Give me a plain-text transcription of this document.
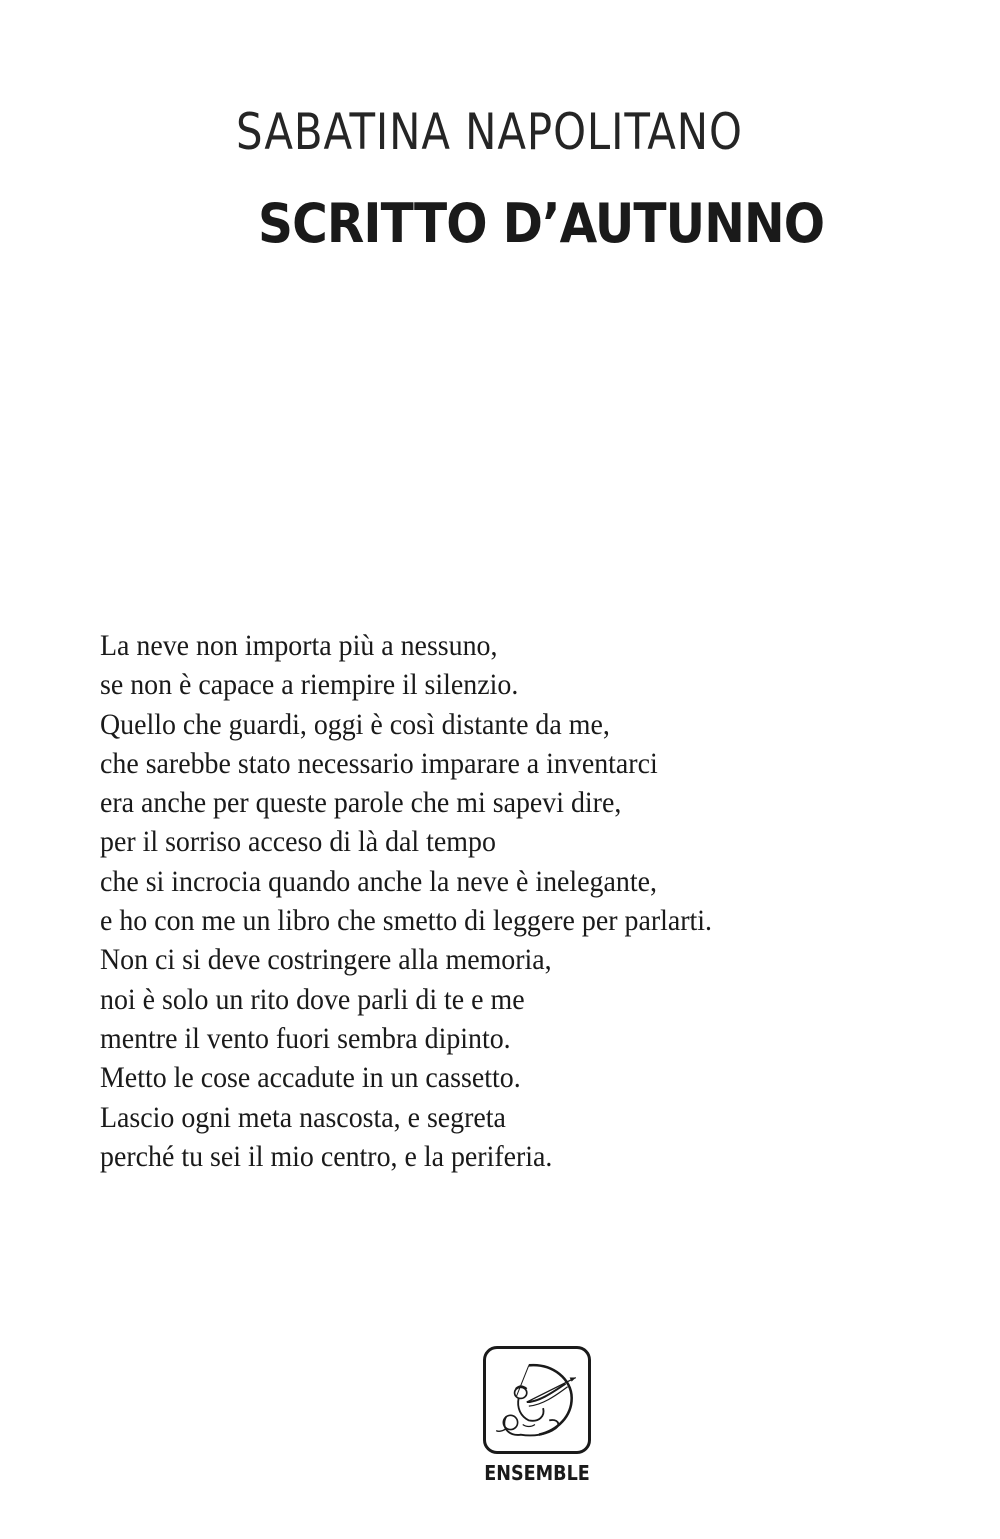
SABATINA NAPOLITANO
SCRITTO D’AUTUNNO
La neve non importa più a nessuno,
se non è capace a riempire il silenzio.
Quello che guardi, oggi è così distante da me,
che sarebbe stato necessario imparare a inventarci
era anche per queste parole che mi sapevi dire,
per il sorriso acceso di là dal tempo
che si incrocia quando anche la neve è inelegante,
e ho con me un libro che smetto di leggere per parlarti.
Non ci si deve costringere alla memoria,
noi è solo un rito dove parli di te e me
mentre il vento fuori sembra dipinto.
Metto le cose accadute in un cassetto.
Lascio ogni meta nascosta, e segreta
perché tu sei il mio centro, e la periferia.
ENSEMBLE
